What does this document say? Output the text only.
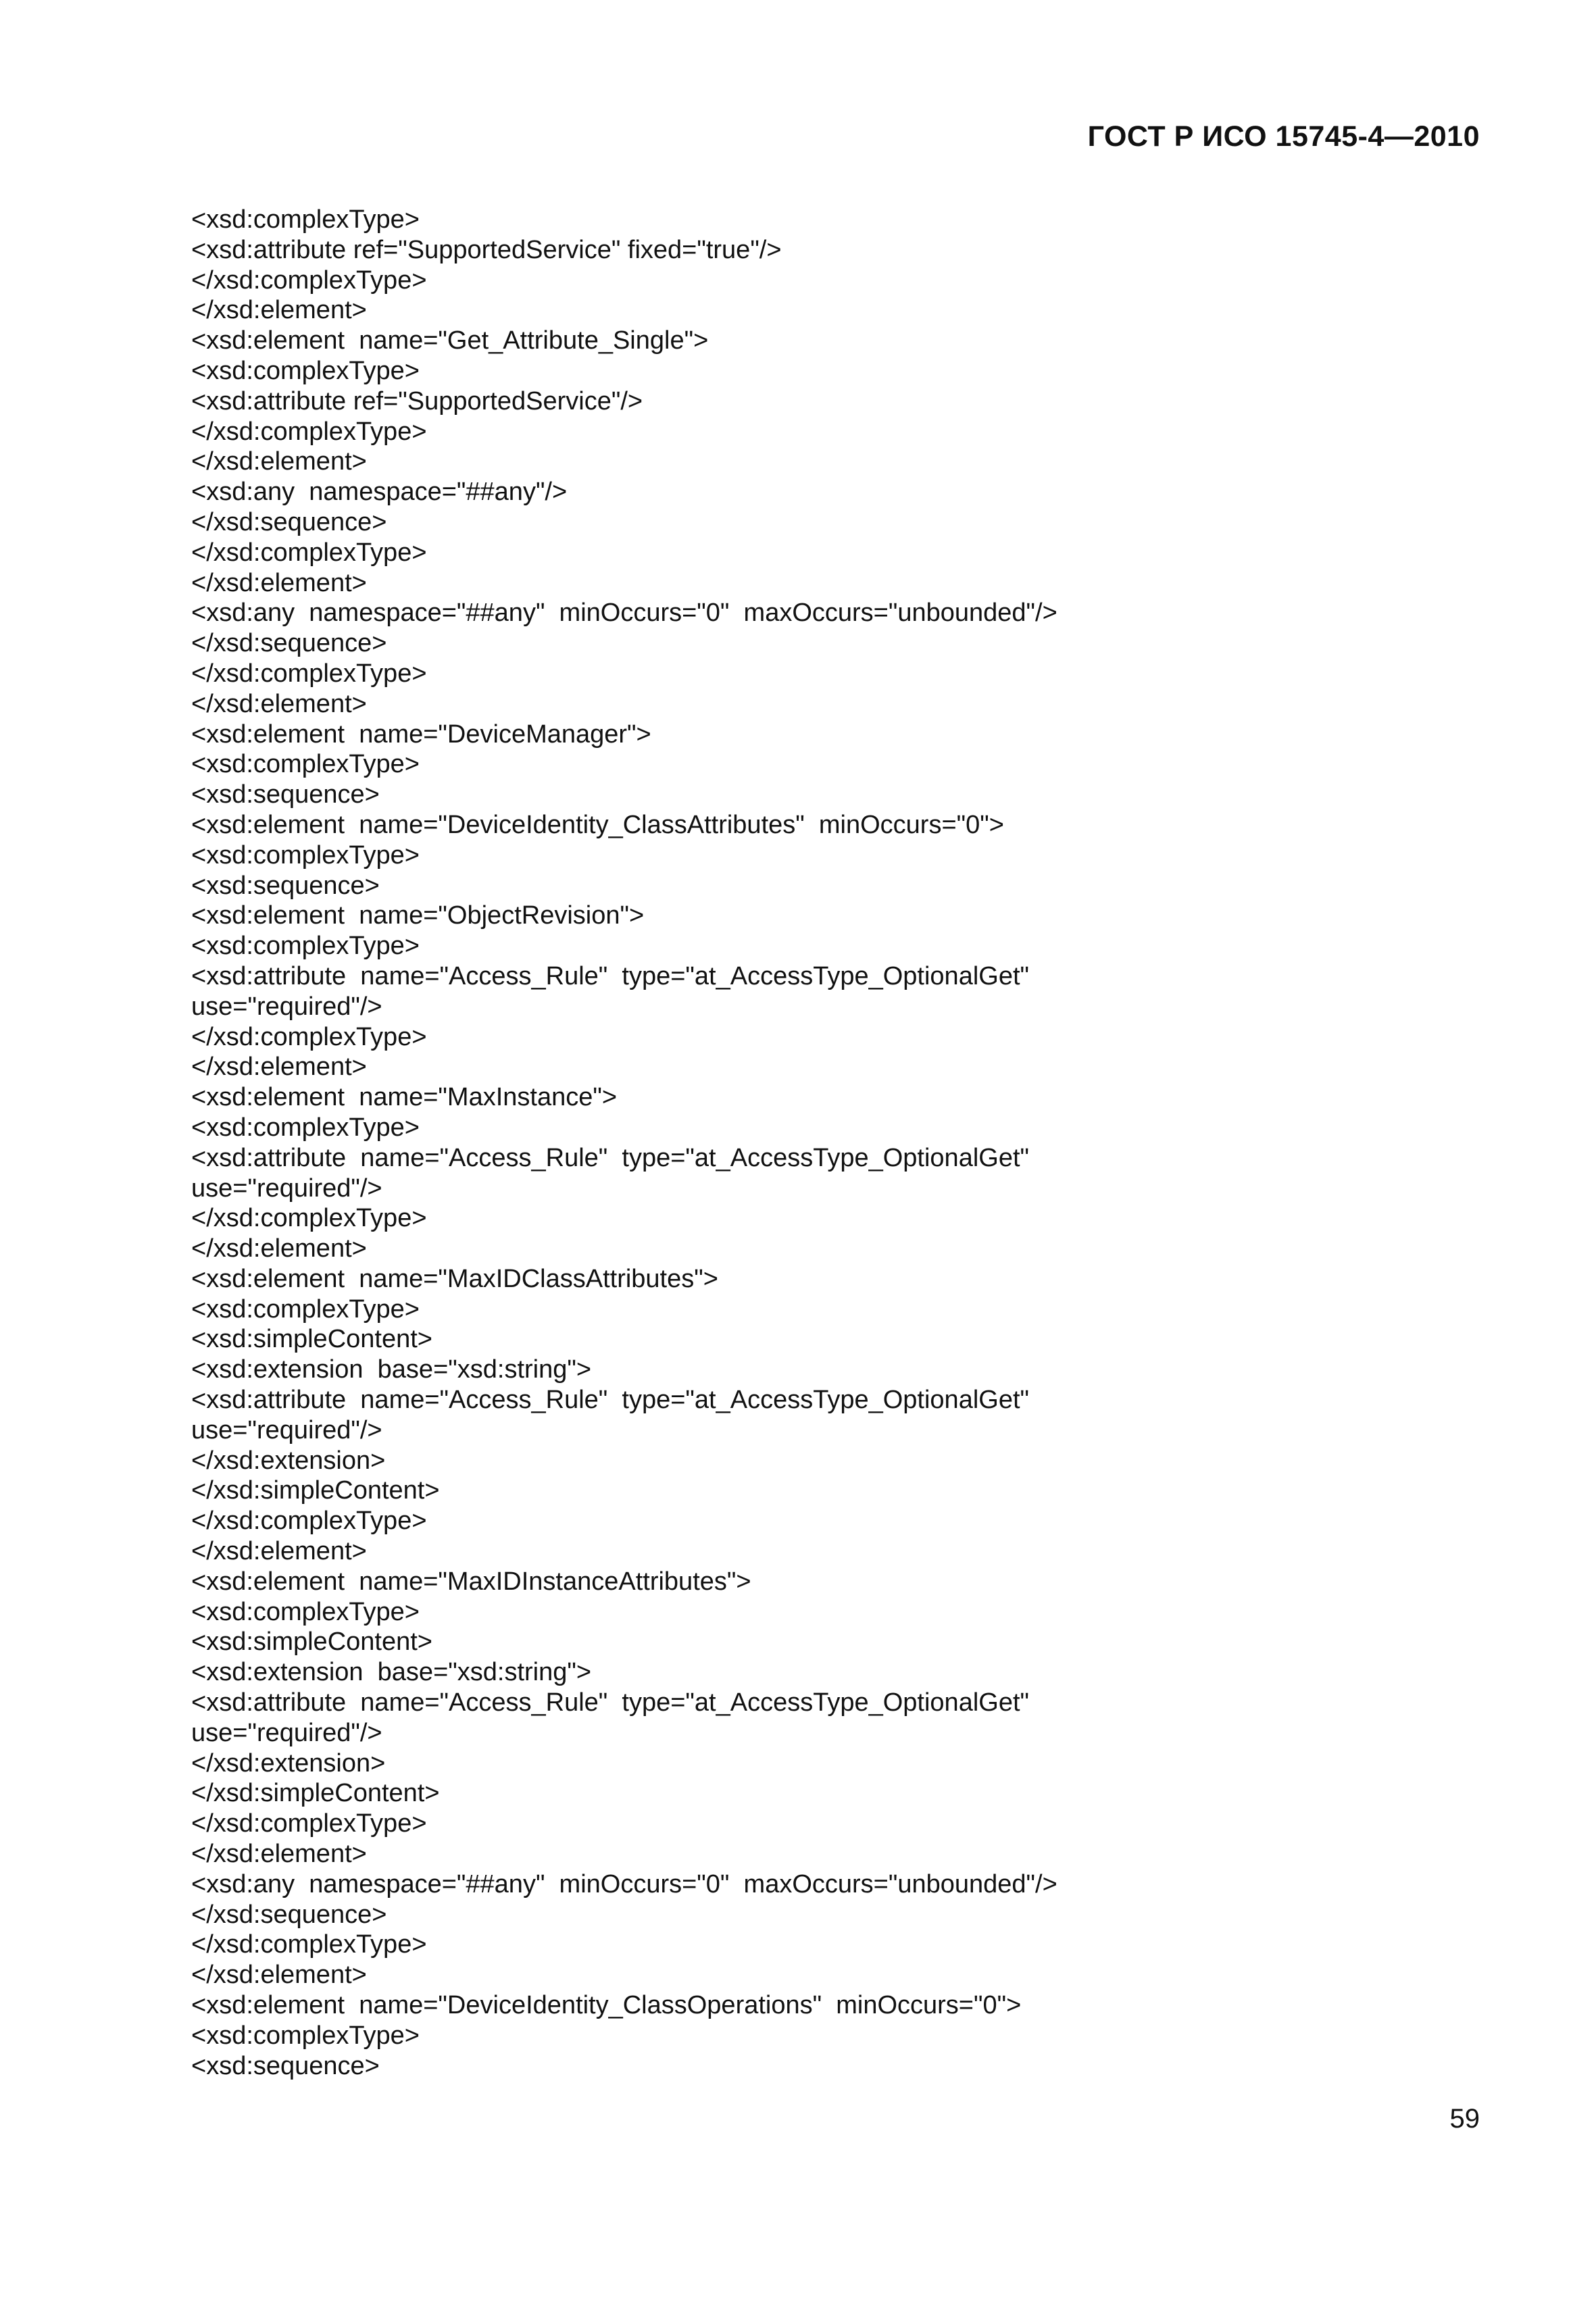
ГОСТ Р ИСО 15745-4—2010
<xsd:complexType>
<xsd:attribute ref="SupportedService" fixed="true"/>
</xsd:complexType>
</xsd:element>
<xsd:element  name="Get_Attribute_Single">
<xsd:complexType>
<xsd:attribute ref="SupportedService"/>
</xsd:complexType>
</xsd:element>
<xsd:any  namespace="##any"/>
</xsd:sequence>
</xsd:complexType>
</xsd:element>
<xsd:any  namespace="##any"  minOccurs="0"  maxOccurs="unbounded"/>
</xsd:sequence>
</xsd:complexType>
</xsd:element>
<xsd:element  name="DeviceManager">
<xsd:complexType>
<xsd:sequence>
<xsd:element  name="DeviceIdentity_ClassAttributes"  minOccurs="0">
<xsd:complexType>
<xsd:sequence>
<xsd:element  name="ObjectRevision">
<xsd:complexType>
<xsd:attribute  name="Access_Rule"  type="at_AccessType_OptionalGet"
use="required"/>
</xsd:complexType>
</xsd:element>
<xsd:element  name="MaxInstance">
<xsd:complexType>
<xsd:attribute  name="Access_Rule"  type="at_AccessType_OptionalGet"
use="required"/>
</xsd:complexType>
</xsd:element>
<xsd:element  name="MaxIDClassAttributes">
<xsd:complexType>
<xsd:simpleContent>
<xsd:extension  base="xsd:string">
<xsd:attribute  name="Access_Rule"  type="at_AccessType_OptionalGet"
use="required"/>
</xsd:extension>
</xsd:simpleContent>
</xsd:complexType>
</xsd:element>
<xsd:element  name="MaxIDInstanceAttributes">
<xsd:complexType>
<xsd:simpleContent>
<xsd:extension  base="xsd:string">
<xsd:attribute  name="Access_Rule"  type="at_AccessType_OptionalGet"
use="required"/>
</xsd:extension>
</xsd:simpleContent>
</xsd:complexType>
</xsd:element>
<xsd:any  namespace="##any"  minOccurs="0"  maxOccurs="unbounded"/>
</xsd:sequence>
</xsd:complexType>
</xsd:element>
<xsd:element  name="DeviceIdentity_ClassOperations"  minOccurs="0">
<xsd:complexType>
<xsd:sequence>
59
